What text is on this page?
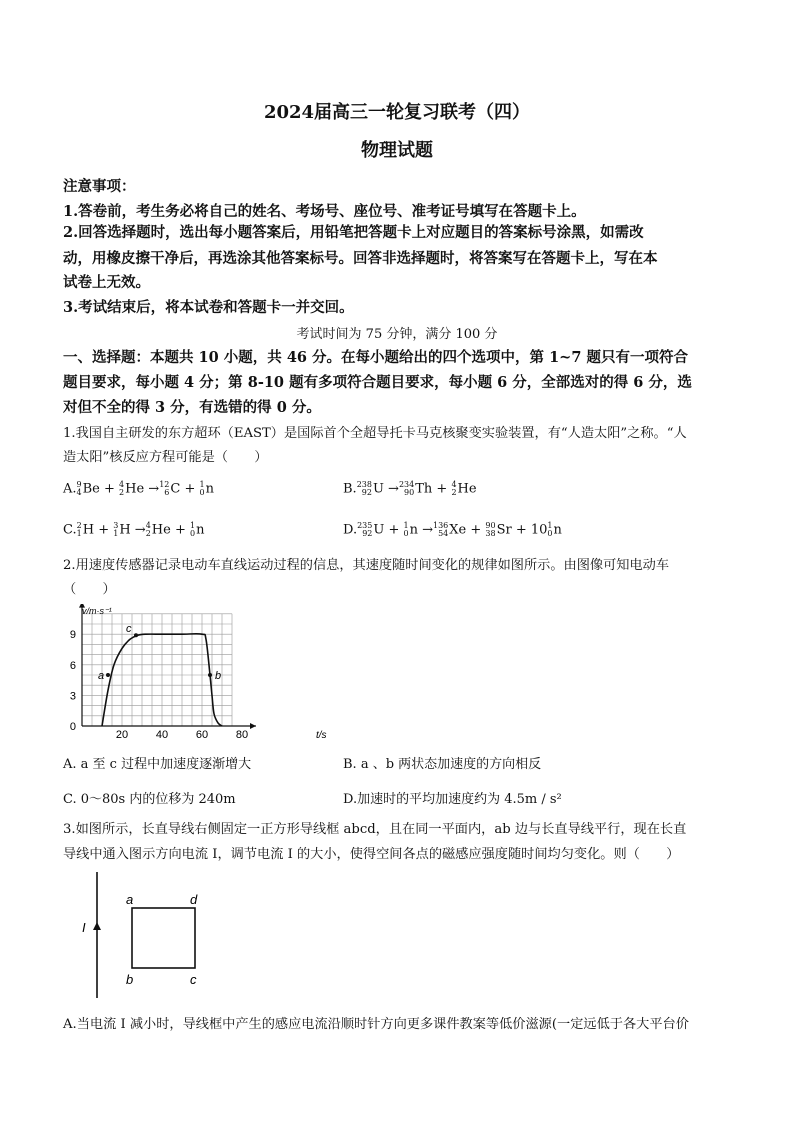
2024届高三一轮复习联考（四）
物理试题
注意事项：
1.答卷前，考生务必将自己的姓名、考场号、座位号、准考证号填写在答题卡上。
2.回答选择题时，选出每小题答案后，用铅笔把答题卡上对应题目的答案标号涂黑，如需改
动，用橡皮擦干净后，再选涂其他答案标号。回答非选择题时，将答案写在答题卡上，写在本
试卷上无效。
3.考试结束后，将本试卷和答题卡一并交回。
考试时间为 75 分钟，满分 100 分
一、选择题：本题共 10 小题，共 46 分。在每小题给出的四个选项中，第 1~7 题只有一项符合
题目要求，每小题 4 分；第 8-10 题有多项符合题目要求，每小题 6 分，全部选对的得 6 分，选
对但不全的得 3 分，有选错的得 0 分。
1.我国自主研发的东方超环（EAST）是国际首个全超导托卡马克核聚变实验装置，有“人造太阳”之称。“人
造太阳”核反应方程可能是（　　）
A. 9
4 Be + 4
2 He → 12
6 C + 1
0 n	B. 238
92 U → 234
90 Th + 4
2 He
C. 2
1 H + 3
1 H → 4
2 He + 1
0 n	D. 235
92 U + 1
0 n → 136
54 Xe + 90
38 Sr + 10 1
0 n
2.用速度传感器记录电动车直线运动过程的信息，其速度随时间变化的规律如图所示。由图像可知电动车
（　　）
a
c
b
20	40	60	80
0
3
6
9
v/m·s⁻¹
t/s
A. a 至 c 过程中加速度逐渐增大	B. a 、b 两状态加速度的方向相反
C. 0～80s 内的位移为 240m	D.加速时的平均加速度约为 4.5m / s²
3.如图所示，长直导线右侧固定一正方形导线框 abcd，且在同一平面内，ab 边与长直导线平行，现在长直
导线中通入图示方向电流 I，调节电流 I 的大小，使得空间各点的磁感应强度随时间均匀变化。则（　　）
I
a	d
b	c
A.当电流 I 减小时，导线框中产生的感应电流沿顺时针方向更多课件教案等低价滋源(一定远低于各大平台价
